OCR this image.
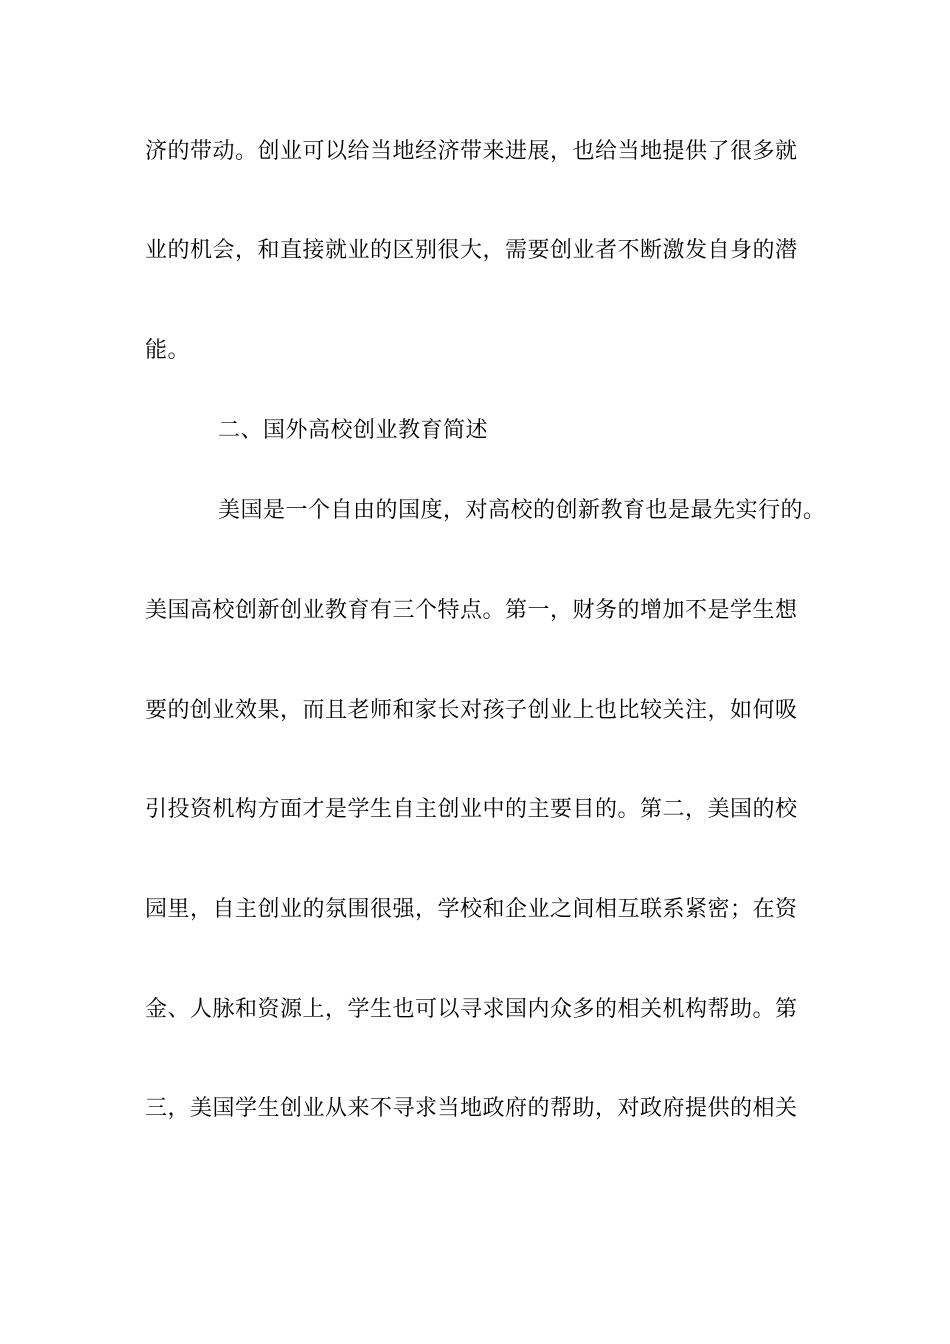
济的带动。创业可以给当地经济带来进展，也给当地提供了很多就
业的机会，和直接就业的区别很大，需要创业者不断激发自身的潜
能。
二、国外高校创业教育简述
美国是一个自由的国度，对高校的创新教育也是最先实行的。
美国高校创新创业教育有三个特点。第一，财务的增加不是学生想
要的创业效果，而且老师和家长对孩子创业上也比较关注，如何吸
引投资机构方面才是学生自主创业中的主要目的。第二，美国的校
园里，自主创业的氛围很强，学校和企业之间相互联系紧密；在资
金、人脉和资源上，学生也可以寻求国内众多的相关机构帮助。第
三，美国学生创业从来不寻求当地政府的帮助，对政府提供的相关
